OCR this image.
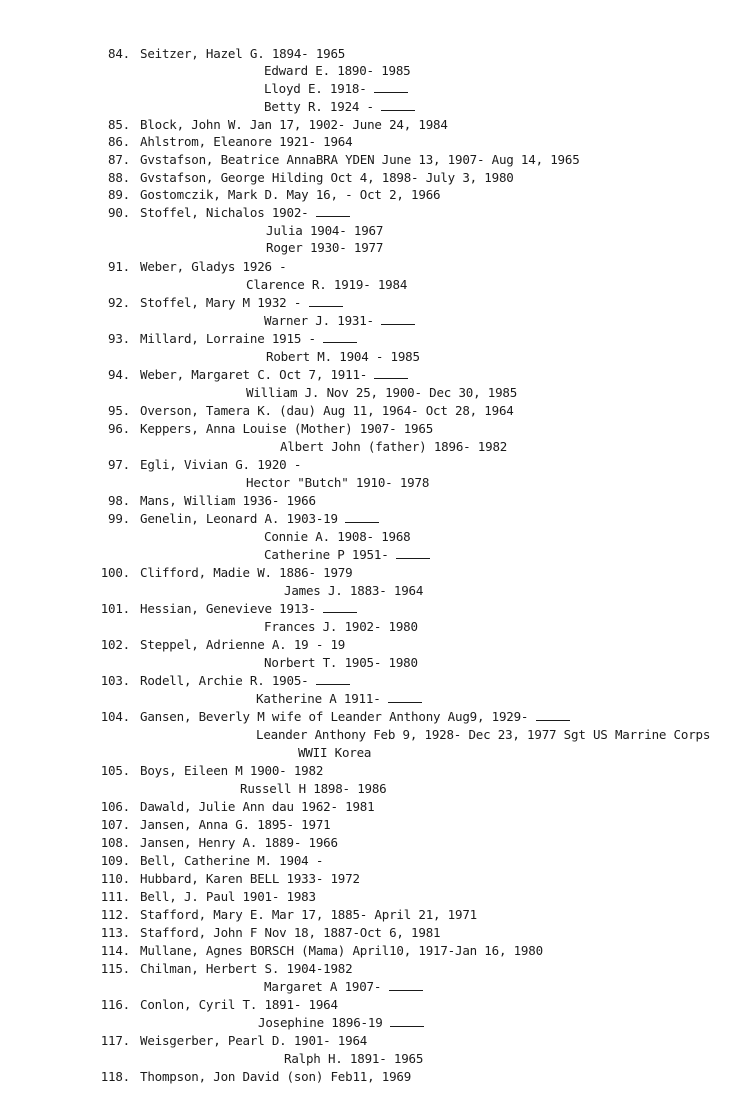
84. Seitzer, Hazel G. 1894- 1965
Edward E. 1890- 1985
Lloyd E. 1918-
Betty R. 1924 -
85. Block, John W. Jan 17, 1902- June 24, 1984
86. Ahlstrom, Eleanore 1921- 1964
87. Gvstafson, Beatrice AnnaBRA YDEN June 13, 1907- Aug 14, 1965
88. Gvstafson, George Hilding Oct 4, 1898- July 3, 1980
89. Gostomczik, Mark D. May 16, - Oct 2, 1966
90. Stoffel, Nichalos 1902-
Julia 1904- 1967
Roger 1930- 1977
91. Weber, Gladys 1926 -
Clarence R. 1919- 1984
92. Stoffel, Mary M 1932 -
Warner J. 1931-
93. Millard, Lorraine 1915 -
Robert M. 1904 - 1985
94. Weber, Margaret C. Oct 7, 1911-
William J. Nov 25, 1900- Dec 30, 1985
95. Overson, Tamera K. (dau) Aug 11, 1964- Oct 28, 1964
96. Keppers, Anna Louise (Mother) 1907- 1965
Albert John (father) 1896- 1982
97. Egli, Vivian G. 1920 -
Hector "Butch" 1910- 1978
98. Mans, William 1936- 1966
99. Genelin, Leonard A. 1903-19
Connie A. 1908- 1968
Catherine P 1951-
100. Clifford, Madie W. 1886- 1979
James J. 1883- 1964
101. Hessian, Genevieve 1913-
Frances J. 1902- 1980
102. Steppel, Adrienne A. 19 - 19
Norbert T. 1905- 1980
103. Rodell, Archie R. 1905-
Katherine A 1911-
104. Gansen, Beverly M wife of Leander Anthony Aug9, 1929-
Leander Anthony Feb 9, 1928- Dec 23, 1977 Sgt US Marrine Corps
WWII Korea
105. Boys, Eileen M 1900- 1982
Russell H 1898- 1986
106. Dawald, Julie Ann dau 1962- 1981
107. Jansen, Anna G. 1895- 1971
108. Jansen, Henry A. 1889- 1966
109. Bell, Catherine M. 1904 -
110. Hubbard, Karen BELL 1933- 1972
111. Bell, J. Paul 1901- 1983
112. Stafford, Mary E. Mar 17, 1885- April 21, 1971
113. Stafford, John F Nov 18, 1887-Oct 6, 1981
114. Mullane, Agnes BORSCH (Mama) April10, 1917-Jan 16, 1980
115. Chilman, Herbert S. 1904-1982
Margaret A 1907-
116. Conlon, Cyril T. 1891- 1964
Josephine 1896-19
117. Weisgerber, Pearl D. 1901- 1964
Ralph H. 1891- 1965
118. Thompson, Jon David (son) Feb11, 1969
